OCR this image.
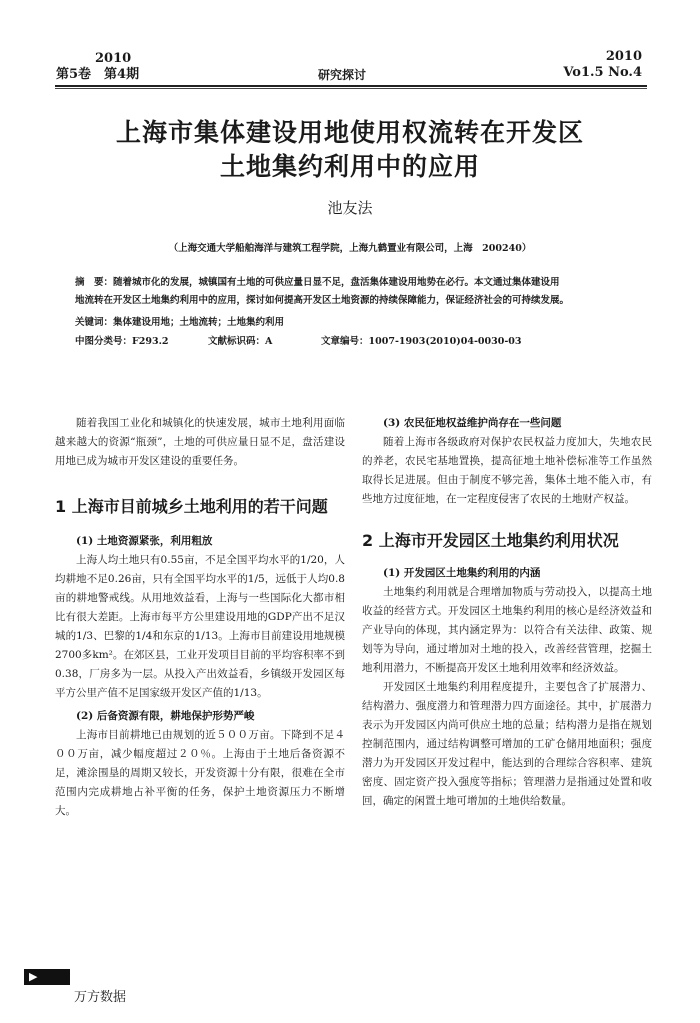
2010
第5卷　第4期	研究探讨
2010
Vo1.5 No.4
上海市集体建设用地使用权流转在开发区
土地集约利用中的应用
池友法
（上海交通大学船舶海洋与建筑工程学院，上海九鹤置业有限公司，上海　200240）
摘　要：随着城市化的发展，城镇国有土地的可供应量日显不足，盘活集体建设用地势在必行。本文通过集体建设用
地流转在开发区土地集约利用中的应用，探讨如何提高开发区土地资源的持续保障能力，保证经济社会的可持续发展。
关键词：集体建设用地；土地流转；土地集约利用
中图分类号：F293.2	文献标识码：A	文章编号：1007-1903(2010)04-0030-03

随着我国工业化和城镇化的快速发展，城市土地利用面临越来越大的资源“瓶颈”，土地的可供应量日显不足，盘活建设用地已成为城市开发区建设的重要任务。

1 上海市目前城乡土地利用的若干问题

(1) 土地资源紧张，利用粗放

上海人均土地只有0.55亩，不足全国平均水平的1/20，人均耕地不足0.26亩，只有全国平均水平的1/5，远低于人均0.8亩的耕地警戒线。从用地效益看，上海与一些国际化大都市相比有很大差距。上海市每平方公里建设用地的GDP产出不足汉城的1/3、巴黎的1/4和东京的1/13。上海市目前建设用地规模2700多km²。在郊区县，工业开发项目目前的平均容积率不到0.38，厂房多为一层。从投入产出效益看，乡镇级开发园区每平方公里产值不足国家级开发区产值的1/13。

(2) 后备资源有限，耕地保护形势严峻

上海市目前耕地已由规划的近５００万亩。下降到不足４００万亩，减少幅度超过２０％。上海由于土地后备资源不足，滩涂围垦的周期又较长，开发资源十分有限，很难在全市范围内完成耕地占补平衡的任务，保护土地资源压力不断增大。

(3) 农民征地权益维护尚存在一些问题

随着上海市各级政府对保护农民权益力度加大，失地农民的养老，农民宅基地置换，提高征地土地补偿标准等工作虽然取得长足进展。但由于制度不够完善，集体土地不能入市，有些地方过度征地，在一定程度侵害了农民的土地财产权益。

2 上海市开发园区土地集约利用状况

(1) 开发园区土地集约利用的内涵

土地集约利用就是合理增加物质与劳动投入，以提高土地收益的经营方式。开发园区土地集约利用的核心是经济效益和产业导向的体现，其内涵定界为：以符合有关法律、政策、规划等为导向，通过增加对土地的投入，改善经营管理，挖掘土地利用潜力，不断提高开发区土地利用效率和经济效益。

开发园区土地集约利用程度提升，主要包含了扩展潜力、结构潜力、强度潜力和管理潜力四方面途径。其中，扩展潜力表示为开发园区内尚可供应土地的总量；结构潜力是指在规划控制范围内，通过结构调整可增加的工矿仓储用地面积；强度潜力为开发园区开发过程中，能达到的合理综合容积率、建筑密度、固定资产投入强度等指标；管理潜力是指通过处置和收回，确定的闲置土地可增加的土地供给数量。

▶
万方数据
